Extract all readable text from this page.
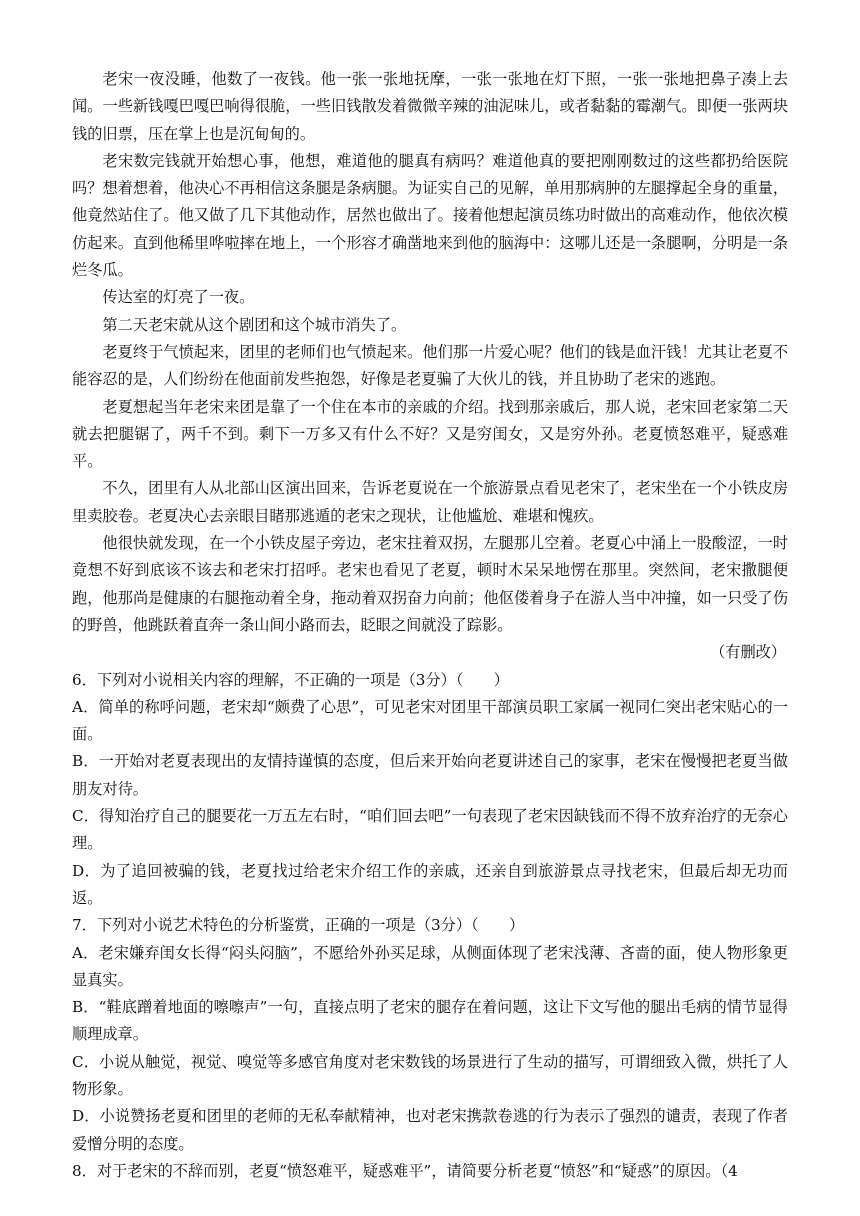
老宋一夜没睡，他数了一夜钱。他一张一张地抚摩，一张一张地在灯下照，一张一张地把鼻子凑上去闻。一些新钱嘎巴嘎巴响得很脆，一些旧钱散发着微微辛辣的油泥味儿，或者黏黏的霉潮气。即便一张两块钱的旧票，压在掌上也是沉甸甸的。

老宋数完钱就开始想心事，他想，难道他的腿真有病吗？难道他真的要把刚刚数过的这些都扔给医院吗？想着想着，他决心不再相信这条腿是条病腿。为证实自己的见解，单用那病肿的左腿撑起全身的重量，他竟然站住了。他又做了几下其他动作，居然也做出了。接着他想起演员练功时做出的高难动作，他依次模仿起来。直到他稀里哗啦摔在地上，一个形容才确凿地来到他的脑海中：这哪儿还是一条腿啊，分明是一条烂冬瓜。

传达室的灯亮了一夜。

第二天老宋就从这个剧团和这个城市消失了。

老夏终于气愤起来，团里的老师们也气愤起来。他们那一片爱心呢？他们的钱是血汗钱！尤其让老夏不能容忍的是，人们纷纷在他面前发些抱怨，好像是老夏骗了大伙儿的钱，并且协助了老宋的逃跑。

老夏想起当年老宋来团是靠了一个住在本市的亲戚的介绍。找到那亲戚后，那人说，老宋回老家第二天就去把腿锯了，两千不到。剩下一万多又有什么不好？又是穷闺女，又是穷外孙。老夏愤怒难平，疑惑难平。

不久，团里有人从北部山区演出回来，告诉老夏说在一个旅游景点看见老宋了，老宋坐在一个小铁皮房里卖胶卷。老夏决心去亲眼目睹那逃遁的老宋之现状，让他尴尬、难堪和愧疚。

他很快就发现，在一个小铁皮屋子旁边，老宋拄着双拐，左腿那儿空着。老夏心中涌上一股酸涩，一时竟想不好到底该不该去和老宋打招呼。老宋也看见了老夏，顿时木呆呆地愣在那里。突然间，老宋撒腿便跑，他那尚是健康的右腿拖动着全身，拖动着双拐奋力向前；他伛偻着身子在游人当中冲撞，如一只受了伤的野兽，他跳跃着直奔一条山间小路而去，眨眼之间就没了踪影。

（有删改）

6．下列对小说相关内容的理解，不正确的一项是（3分）（　　）

A．简单的称呼问题，老宋却“颇费了心思”，可见老宋对团里干部演员职工家属一视同仁突出老宋贴心的一面。

B．一开始对老夏表现出的友情持谨慎的态度，但后来开始向老夏讲述自己的家事，老宋在慢慢把老夏当做朋友对待。

C．得知治疗自己的腿要花一万五左右时，“咱们回去吧”一句表现了老宋因缺钱而不得不放弃治疗的无奈心理。

D．为了追回被骗的钱，老夏找过给老宋介绍工作的亲戚，还亲自到旅游景点寻找老宋，但最后却无功而返。

7．下列对小说艺术特色的分析鉴赏，正确的一项是（3分）（　　）

A．老宋嫌弃闺女长得“闷头闷脑”，不愿给外孙买足球，从侧面体现了老宋浅薄、吝啬的面，使人物形象更显真实。

B．“鞋底蹭着地面的嚓嚓声”一句，直接点明了老宋的腿存在着问题，这让下文写他的腿出毛病的情节显得顺理成章。

C．小说从触觉，视觉、嗅觉等多感官角度对老宋数钱的场景进行了生动的描写，可谓细致入微，烘托了人物形象。

D．小说赞扬老夏和团里的老师的无私奉献精神，也对老宋携款卷逃的行为表示了强烈的谴责，表现了作者爱憎分明的态度。

8．对于老宋的不辞而别，老夏“愤怒难平，疑惑难平”，请简要分析老夏“愤怒”和“疑惑”的原因。（4
